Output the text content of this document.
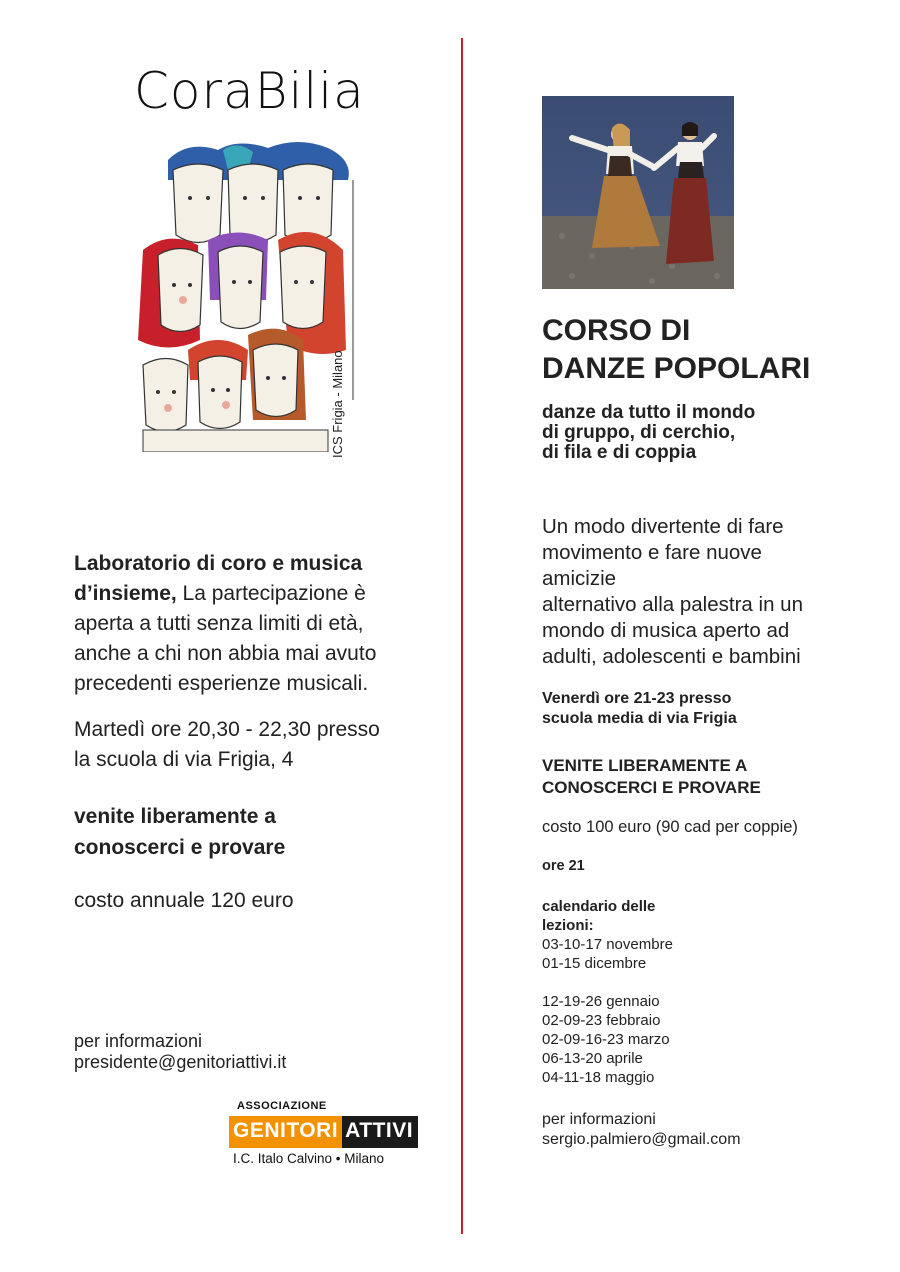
CoraBilia
ICS Frigia - Milano
Laboratorio di coro e musica d’insieme, La partecipazione è aperta a tutti senza limiti di età, anche a chi non abbia mai avuto precedenti esperienze musicali.
Martedì ore 20,30 - 22,30 presso
la scuola di via Frigia, 4
venite liberamente a
conoscerci e provare
costo annuale 120 euro
per informazioni
presidente@genitoriattivi.it
ASSOCIAZIONE
GENITORI ATTIVI
I.C. Italo Calvino • Milano
CORSO DI
DANZE POPOLARI
danze da tutto il mondo
di gruppo, di cerchio,
di fila e di coppia
Un modo divertente di fare
movimento e fare nuove
amicizie
alternativo alla palestra in un
mondo di musica aperto ad
adulti, adolescenti e bambini
Venerdì ore 21-23 presso
scuola media di via Frigia
VENITE LIBERAMENTE A
CONOSCERCI E PROVARE
costo 100 euro (90 cad per coppie)
ore 21
calendario delle
lezioni:
03-10-17 novembre
01-15 dicembre
12-19-26 gennaio
02-09-23 febbraio
02-09-16-23 marzo
06-13-20 aprile
04-11-18 maggio
per informazioni
sergio.palmiero@gmail.com
